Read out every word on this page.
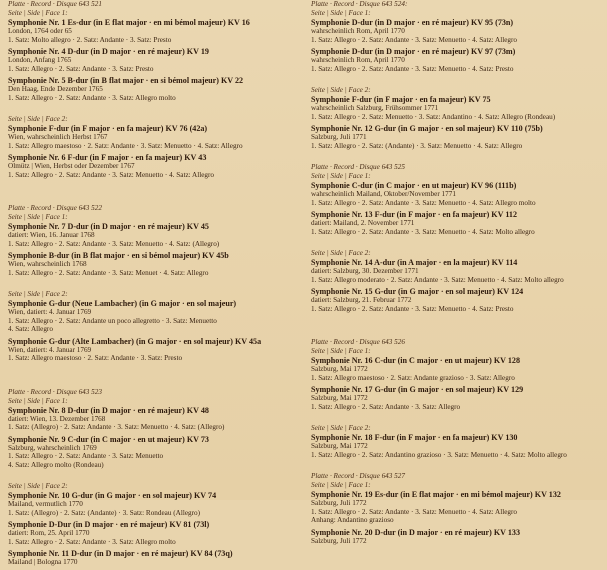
Platte · Record · Disque 643 521

Seite | Side | Face 1:

Symphonie Nr. 1 Es-dur (in E flat major · en mi bémol majeur) KV 16

London, 1764 oder 65

1. Satz: Molto allegro · 2. Satz: Andante · 3. Satz: Presto

Symphonie Nr. 4 D-dur (in D major · en ré majeur) KV 19

London, Anfang 1765

1. Satz: Allegro · 2. Satz: Andante · 3. Satz: Presto

Symphonie Nr. 5 B-dur (in B flat major · en si bémol majeur) KV 22

Den Haag, Ende Dezember 1765

1. Satz: Allegro · 2. Satz: Andante · 3. Satz: Allegro molto

Seite | Side | Face 2:

Symphonie F-dur (in F major · en fa majeur) KV 76 (42a)

Wien, wahrscheinlich Herbst 1767

1. Satz: Allegro maestoso · 2. Satz: Andante · 3. Satz: Menuetto · 4. Satz: Allegro

Symphonie Nr. 6 F-dur (in F major · en fa majeur) KV 43

Olmütz | Wien, Herbst oder Dezember 1767

1. Satz: Allegro · 2. Satz: Andante · 3. Satz: Menuetto · 4. Satz: Allegro

Platte · Record · Disque 643 522

Seite | Side | Face 1:

Symphonie Nr. 7 D-dur (in D major · en ré majeur) KV 45

datiert: Wien, 16. Januar 1768

1. Satz: Allegro · 2. Satz: Andante · 3. Satz: Menuetto · 4. Satz: (Allegro)

Symphonie B-dur (in B flat major · en si bémol majeur) KV 45b

Wien, wahrscheinlich 1768

1. Satz: Allegro · 2. Satz: Andante · 3. Satz: Menuet · 4. Satz: Allegro

Seite | Side | Face 2:

Symphonie G-dur (Neue Lambacher) (in G major · en sol majeur)

Wien, datiert: 4. Januar 1769

1. Satz: Allegro · 2. Satz: Andante un poco allegretto · 3. Satz: Menuetto

4. Satz: Allegro

Symphonie G-dur (Alte Lambacher) (in G major · en sol majeur) KV 45a

Wien, datiert: 4. Januar 1769

1. Satz: Allegro maestoso · 2. Satz: Andante · 3. Satz: Presto

Platte · Record · Disque 643 523

Seite | Side | Face 1:

Symphonie Nr. 8 D-dur (in D major · en ré majeur) KV 48

datiert: Wien, 13. Dezember 1768

1. Satz: (Allegro) · 2. Satz: Andante · 3. Satz: Menuetto · 4. Satz: (Allegro)

Symphonie Nr. 9 C-dur (in C major · en ut majeur) KV 73

Salzburg, wahrscheinlich 1769

1. Satz: Allegro · 2. Satz: Andante · 3. Satz: Menuetto

4. Satz: Allegro molto (Rondeau)

Seite | Side | Face 2:

Symphonie Nr. 10 G-dur (in G major · en sol majeur) KV 74

Mailand, vermutlich 1770

1. Satz: (Allegro) · 2. Satz: (Andante) · 3. Satz: Rondeau (Allegro)

Symphonie D-Dur (in D major · en ré majeur) KV 81 (73l)

datiert: Rom, 25. April 1770

1. Satz: Allegro · 2. Satz: Andante · 3. Satz: Allegro molto

Symphonie Nr. 11 D-dur (in D major · en ré majeur) KV 84 (73q)

Mailand | Bologna 1770

Platte · Record · Disque 643 524:

Seite | Side | Face 1:

Symphonie D-dur (in D major · en ré majeur) KV 95 (73n)

wahrscheinlich Rom, April 1770

1. Satz: Allegro · 2. Satz: Andante · 3. Satz: Menuetto · 4. Satz: Allegro

Symphonie D-dur (in D major · en ré majeur) KV 97 (73m)

wahrscheinlich Rom, April 1770

1. Satz: Allegro · 2. Satz: Andante · 3. Satz: Menuetto · 4. Satz: Presto

Seite | Side | Face 2:

Symphonie F-dur (in F major · en fa majeur) KV 75

wahrscheinlich Salzburg, Frühsommer 1771

1. Satz: Allegro · 2. Satz: Menuetto · 3. Satz: Andantino · 4. Satz: Allegro (Rondeau)

Symphonie Nr. 12 G-dur (in G major · en sol majeur) KV 110 (75b)

Salzburg, Juli 1771

1. Satz: Allegro · 2. Satz: (Andante) · 3. Satz: Menuetto · 4. Satz: Allegro

Platte · Record · Disque 643 525

Seite | Side | Face 1:

Symphonie C-dur (in C major · en ut majeur) KV 96 (111b)

wahrscheinlich Mailand, Oktober/November 1771

1. Satz: Allegro · 2. Satz: Andante · 3. Satz: Menuetto · 4. Satz: Allegro molto

Symphonie Nr. 13 F-dur (in F major · en fa majeur) KV 112

datiert: Mailand, 2. November 1771

1. Satz: Allegro · 2. Satz: Andante · 3. Satz: Menuetto · 4. Satz: Molto allegro

Seite | Side | Face 2:

Symphonie Nr. 14 A-dur (in A major · en la majeur) KV 114

datiert: Salzburg, 30. Dezember 1771

1. Satz: Allegro moderato · 2. Satz: Andante · 3. Satz: Menuetto · 4. Satz: Molto allegro

Symphonie Nr. 15 G-dur (in G major · en sol majeur) KV 124

datiert: Salzburg, 21. Februar 1772

1. Satz: Allegro · 2. Satz: Andante · 3. Satz: Menuetto · 4. Satz: Presto

Platte · Record · Disque 643 526

Seite | Side | Face 1:

Symphonie Nr. 16 C-dur (in C major · en ut majeur) KV 128

Salzburg, Mai 1772

1. Satz: Allegro maestoso · 2. Satz: Andante grazioso · 3. Satz: Allegro

Symphonie Nr. 17 G-dur (in G major · en sol majeur) KV 129

Salzburg, Mai 1772

1. Satz: Allegro · 2. Satz: Andante · 3. Satz: Allegro

Seite | Side | Face 2:

Symphonie Nr. 18 F-dur (in F major · en fa majeur) KV 130

Salzburg, Mai 1772

1. Satz: Allegro · 2. Satz: Andantino grazioso · 3. Satz: Menuetto · 4. Satz: Molto allegro

Platte · Record · Disque 643 527

Seite | Side | Face 1:

Symphonie Nr. 19 Es-dur (in E flat major · en mi bémol majeur) KV 132

Salzburg, Juli 1772

1. Satz: Allegro · 2. Satz: Andante · 3. Satz: Menuetto · 4. Satz: Allegro

Anhang: Andantino grazioso

Symphonie Nr. 20 D-dur (in D major · en ré majeur) KV 133

Salzburg, Juli 1772
